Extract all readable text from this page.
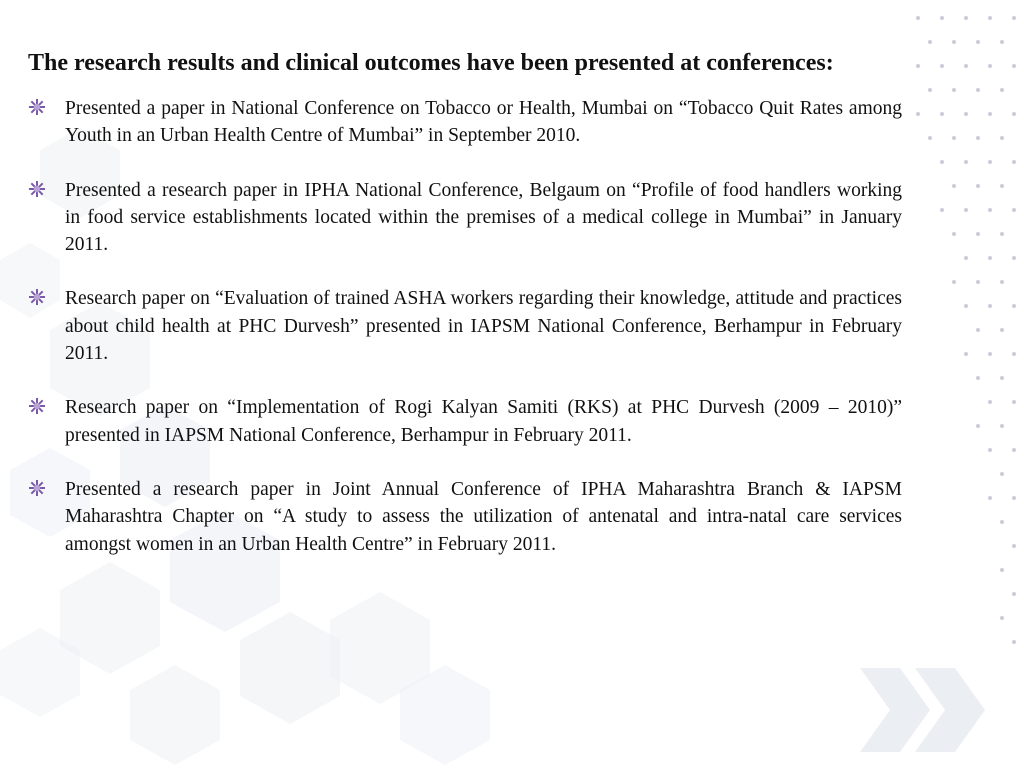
The research results and clinical outcomes have been presented at conferences:
Presented a paper in National Conference on Tobacco or Health, Mumbai on “Tobacco Quit Rates among Youth in an Urban Health Centre of Mumbai” in September 2010.
Presented a research paper in IPHA National Conference, Belgaum on “Profile of food handlers working in food service establishments located within the premises of a medical college in Mumbai” in January 2011.
Research paper on “Evaluation of trained ASHA workers regarding their knowledge, attitude and practices about child health at PHC Durvesh” presented in IAPSM National Conference, Berhampur in February 2011.
Research paper on “Implementation of Rogi Kalyan Samiti (RKS) at PHC Durvesh (2009 – 2010)” presented in IAPSM National Conference, Berhampur in February 2011.
Presented a research paper in Joint Annual Conference of IPHA Maharashtra Branch & IAPSM Maharashtra Chapter on “A study to assess the utilization of antenatal and intra-natal care services amongst women in an Urban Health Centre” in February 2011.
